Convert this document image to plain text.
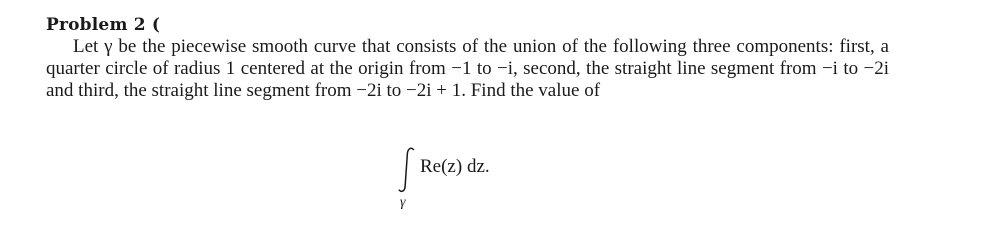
Problem 2 (

Let γ be the piecewise smooth curve that consists of the union of the following three components: first, a quarter circle of radius 1 centered at the origin from −1 to −i, second, the straight line segment from −i to −2i and third, the straight line segment from −2i to −2i + 1. Find the value of

Re(z) dz.
γ
